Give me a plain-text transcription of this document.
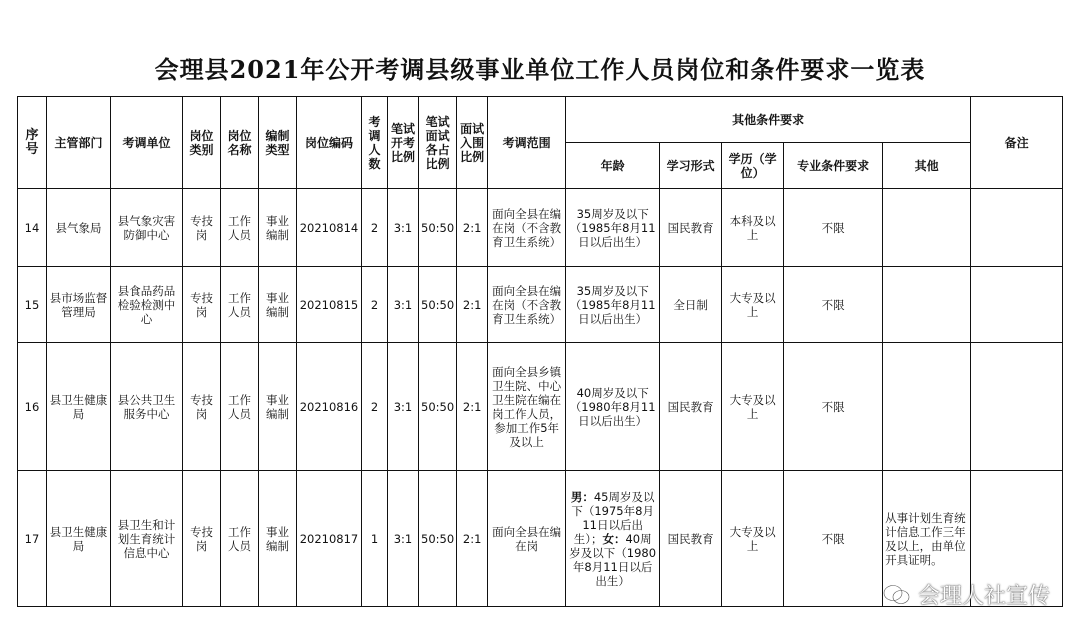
会理县2021年公开考调县级事业单位工作人员岗位和条件要求一览表
序号	主管部门	考调单位	岗位类别	岗位名称	编制类型	岗位编码	考调人数	笔试开考比例	笔试面试各占比例	面试入围比例	考调范围	其他条件要求					备注
												年龄	学习形式	学历（学位）	专业条件要求	其他	
14	县气象局	县气象灾害防御中心	专技岗	工作人员	事业编制	20210814	2	3:1	50:50	2:1	面向全县在编在岗（不含教育卫生系统）	35周岁及以下（1985年8月11日以后出生）	国民教育	本科及以上	不限		
15	县市场监督管理局	县食品药品检验检测中心	专技岗	工作人员	事业编制	20210815	2	3:1	50:50	2:1	面向全县在编在岗（不含教育卫生系统）	35周岁及以下（1985年8月11日以后出生）	全日制	大专及以上	不限		
16	县卫生健康局	县公共卫生服务中心	专技岗	工作人员	事业编制	20210816	2	3:1	50:50	2:1	面向全县乡镇卫生院、中心卫生院在编在岗工作人员，参加工作5年及以上	40周岁及以下（1980年8月11日以后出生）	国民教育	大专及以上	不限		
17	县卫生健康局	县卫生和计划生育统计信息中心	专技岗	工作人员	事业编制	20210817	1	3:1	50:50	2:1	面向全县在编在岗	男：45周岁及以下（1975年8月11日以后出生）；女：40周岁及以下（1980年8月11日以后出生）	国民教育	大专及以上	不限	从事计划生育统计信息工作三年及以上，由单位开具证明。	
会理人社宣传
